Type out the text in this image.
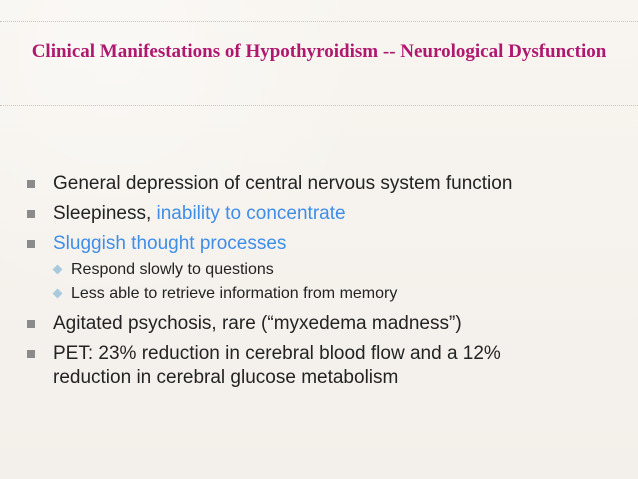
Clinical Manifestations of Hypothyroidism -- Neurological Dysfunction
General depression of central nervous system function
Sleepiness, inability to concentrate
Sluggish thought processes
Respond slowly to questions
Less able to retrieve information from memory
Agitated psychosis, rare (“myxedema madness”)
PET: 23% reduction in cerebral blood flow and a 12% reduction in cerebral glucose metabolism
